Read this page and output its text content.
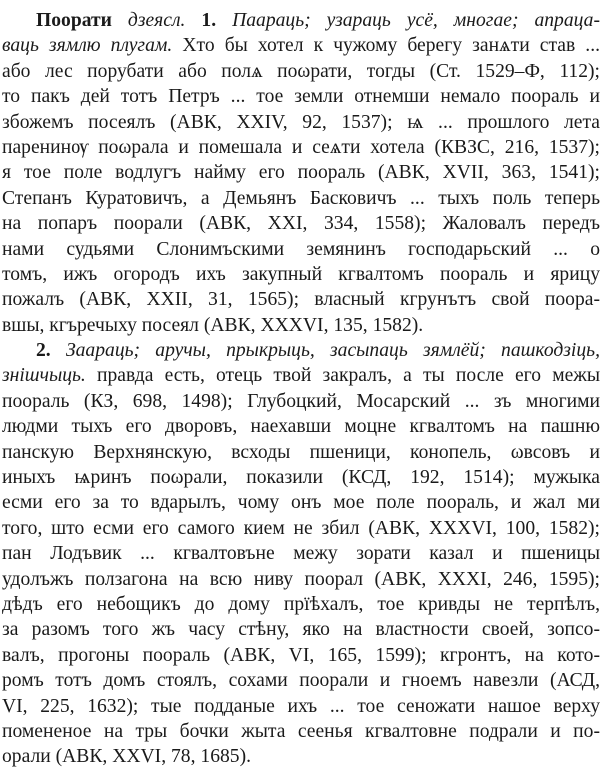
Поорати дзеясл. 1. Паараць; узараць усё, многае; апраца-
ваць зямлю плугам. Хто бы хотел к чужому берегу занѧти став ...
або лес порубати або полѧ поωрати, тогды (Ст. 1529–Ф, 112);
то пакъ дей тотъ Петръ ... тое земли отнемши немало поораль и
збожемъ посеялъ (АВК, XXIV, 92, 1537); ѩ ... прошлого лета
паренинѹ поωрала и помешала и сеѧти хотела (КВЗС, 216, 1537);
я тое поле водлугъ найму его поораль (АВК, XVII, 363, 1541);
Степанъ Куратовичъ, а Демьянъ Басковичъ ... тыхъ поль теперь
на попаръ поорали (АВК, XXI, 334, 1558); Жаловалъ передъ
нами судьями Слонимъскими земянинъ господарьский ... о
томъ, ижъ огородъ ихъ закупный кгвалтомъ поораль и ярицу
пожалъ (АВК, XXII, 31, 1565); власный кгрунътъ свой поора-
вшы, кгъречыху посеял (АВК, XXXVI, 135, 1582).
2. Заараць; аручы, прыкрыць, засыпаць зямлёй; пашкодзіць,
знішчыць. правда есть, отець твой закралъ, а ты после его межы
поораль (КЗ, 698, 1498); Глубоцкий, Мосарский ... зъ многими
людми тыхъ его дворовъ, наехавши моцне кгвалтомъ на пашню
панскую Верхнянскую, всходы пшеници, конопель, ωвсовъ и
иныхъ ѩринъ поωрали, показили (КСД, 192, 1514); мужыка
есми его за то вдарылъ, чому онъ мое поле поораль, и жал ми
того, што есми его самого кием не збил (АВК, XXXVI, 100, 1582);
пан Лодъвик ... кгвалтовъне межу зорати казал и пшеницы
удолъжъ ползагона на всю ниву поорал (АВК, XXXI, 246, 1595);
дѣдъ его небощикъ до дому прїѣхалъ, тое кривды не терпѣлъ,
за разомъ того жъ часу стѣну, яко на властности своей, зопсо-
валъ, прогоны поораль (АВК, VI, 165, 1599); кгронтъ, на кото-
ромъ тотъ домъ стоялъ, сохами поорали и гноемъ навезли (АСД,
VI, 225, 1632); тые подданые ихъ ... тое сеножати нашое верху
помененое на тры бочки жыта сеенья кгвалтовне подрали и по-
орали (АВК, XXVI, 78, 1685).
